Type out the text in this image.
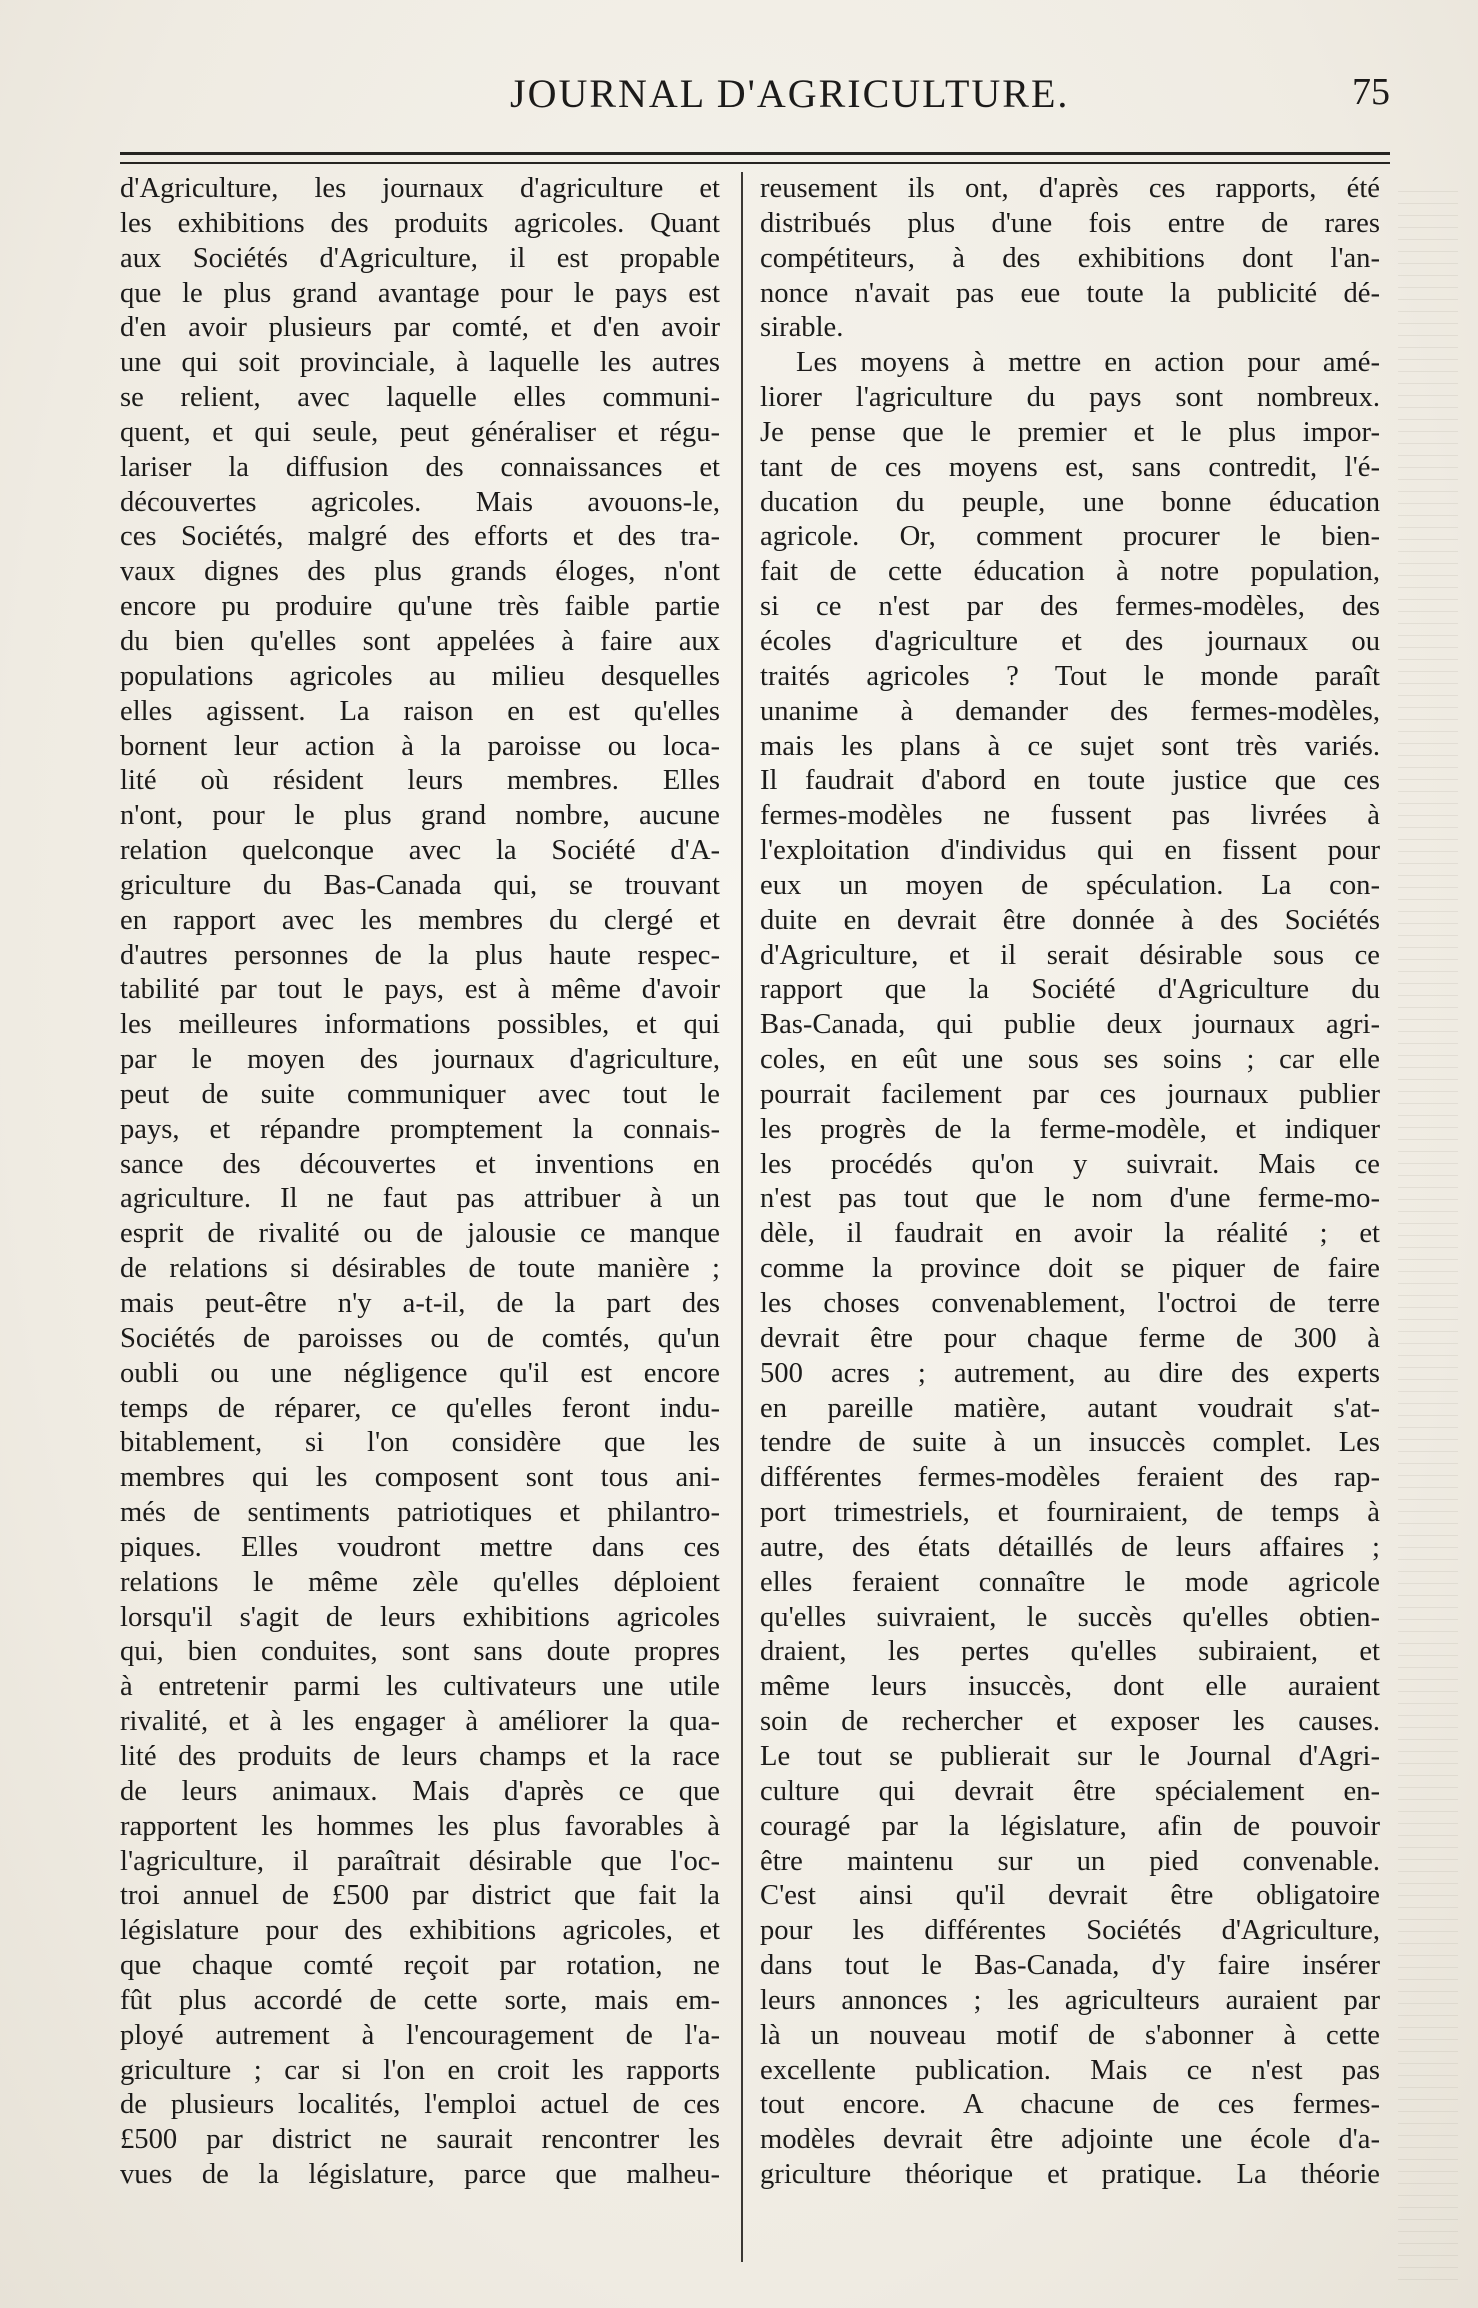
JOURNAL D'AGRICULTURE.	75
d'Agriculture, les journaux d'agriculture et
les exhibitions des produits agricoles. Quant
aux Sociétés d'Agriculture, il est propable
que le plus grand avantage pour le pays est
d'en avoir plusieurs par comté, et d'en avoir
une qui soit provinciale, à laquelle les autres
se relient, avec laquelle elles communi-
quent, et qui seule, peut généraliser et régu-
lariser la diffusion des connaissances et
découvertes agricoles. Mais avouons-le,
ces Sociétés, malgré des efforts et des tra-
vaux dignes des plus grands éloges, n'ont
encore pu produire qu'une très faible partie
du bien qu'elles sont appelées à faire aux
populations agricoles au milieu desquelles
elles agissent. La raison en est qu'elles
bornent leur action à la paroisse ou loca-
lité où résident leurs membres. Elles
n'ont, pour le plus grand nombre, aucune
relation quelconque avec la Société d'A-
griculture du Bas-Canada qui, se trouvant
en rapport avec les membres du clergé et
d'autres personnes de la plus haute respec-
tabilité par tout le pays, est à même d'avoir
les meilleures informations possibles, et qui
par le moyen des journaux d'agriculture,
peut de suite communiquer avec tout le
pays, et répandre promptement la connais-
sance des découvertes et inventions en
agriculture. Il ne faut pas attribuer à un
esprit de rivalité ou de jalousie ce manque
de relations si désirables de toute manière ;
mais peut-être n'y a-t-il, de la part des
Sociétés de paroisses ou de comtés, qu'un
oubli ou une négligence qu'il est encore
temps de réparer, ce qu'elles feront indu-
bitablement, si l'on considère que les
membres qui les composent sont tous ani-
més de sentiments patriotiques et philantro-
piques. Elles voudront mettre dans ces
relations le même zèle qu'elles déploient
lorsqu'il s'agit de leurs exhibitions agricoles
qui, bien conduites, sont sans doute propres
à entretenir parmi les cultivateurs une utile
rivalité, et à les engager à améliorer la qua-
lité des produits de leurs champs et la race
de leurs animaux. Mais d'après ce que
rapportent les hommes les plus favorables à
l'agriculture, il paraîtrait désirable que l'oc-
troi annuel de £500 par district que fait la
législature pour des exhibitions agricoles, et
que chaque comté reçoit par rotation, ne
fût plus accordé de cette sorte, mais em-
ployé autrement à l'encouragement de l'a-
griculture ; car si l'on en croit les rapports
de plusieurs localités, l'emploi actuel de ces
£500 par district ne saurait rencontrer les
vues de la législature, parce que malheu-
reusement ils ont, d'après ces rapports, été
distribués plus d'une fois entre de rares
compétiteurs, à des exhibitions dont l'an-
nonce n'avait pas eue toute la publicité dé-
sirable.
Les moyens à mettre en action pour amé-
liorer l'agriculture du pays sont nombreux.
Je pense que le premier et le plus impor-
tant de ces moyens est, sans contredit, l'é-
ducation du peuple, une bonne éducation
agricole. Or, comment procurer le bien-
fait de cette éducation à notre population,
si ce n'est par des fermes-modèles, des
écoles d'agriculture et des journaux ou
traités agricoles ? Tout le monde paraît
unanime à demander des fermes-modèles,
mais les plans à ce sujet sont très variés.
Il faudrait d'abord en toute justice que ces
fermes-modèles ne fussent pas livrées à
l'exploitation d'individus qui en fissent pour
eux un moyen de spéculation. La con-
duite en devrait être donnée à des Sociétés
d'Agriculture, et il serait désirable sous ce
rapport que la Société d'Agriculture du
Bas-Canada, qui publie deux journaux agri-
coles, en eût une sous ses soins ; car elle
pourrait facilement par ces journaux publier
les progrès de la ferme-modèle, et indiquer
les procédés qu'on y suivrait. Mais ce
n'est pas tout que le nom d'une ferme-mo-
dèle, il faudrait en avoir la réalité ; et
comme la province doit se piquer de faire
les choses convenablement, l'octroi de terre
devrait être pour chaque ferme de 300 à
500 acres ; autrement, au dire des experts
en pareille matière, autant voudrait s'at-
tendre de suite à un insuccès complet. Les
différentes fermes-modèles feraient des rap-
port trimestriels, et fourniraient, de temps à
autre, des états détaillés de leurs affaires ;
elles feraient connaître le mode agricole
qu'elles suivraient, le succès qu'elles obtien-
draient, les pertes qu'elles subiraient, et
même leurs insuccès, dont elle auraient
soin de rechercher et exposer les causes.
Le tout se publierait sur le Journal d'Agri-
culture qui devrait être spécialement en-
couragé par la législature, afin de pouvoir
être maintenu sur un pied convenable.
C'est ainsi qu'il devrait être obligatoire
pour les différentes Sociétés d'Agriculture,
dans tout le Bas-Canada, d'y faire insérer
leurs annonces ; les agriculteurs auraient par
là un nouveau motif de s'abonner à cette
excellente publication. Mais ce n'est pas
tout encore. A chacune de ces fermes-
modèles devrait être adjointe une école d'a-
griculture théorique et pratique. La théorie
